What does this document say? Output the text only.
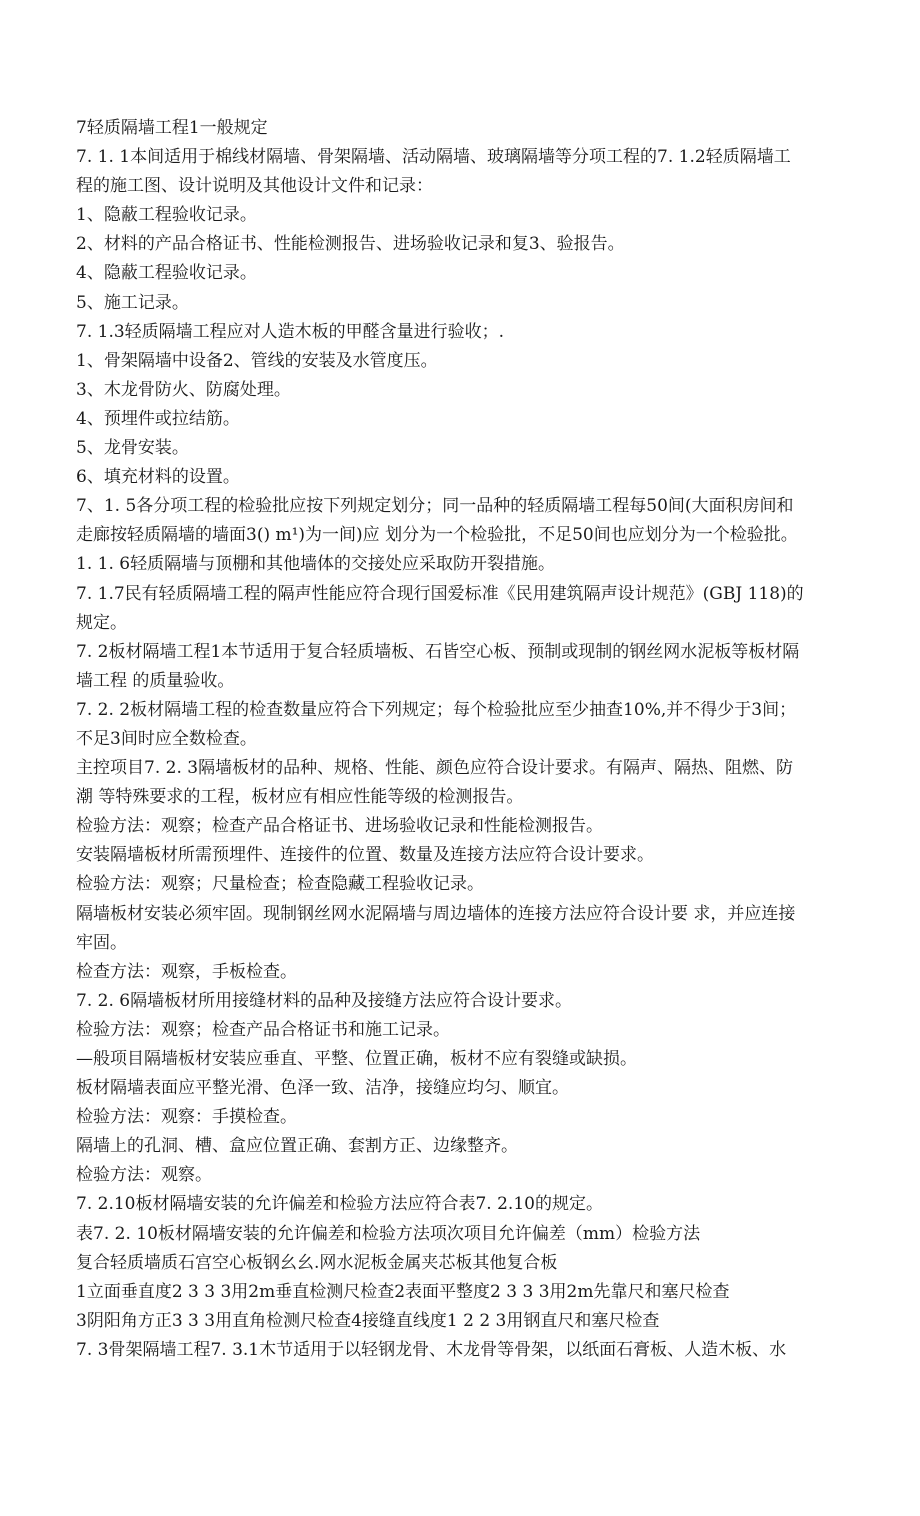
7轻质隔墙工程1一般规定
7. 1. 1本间适用于棉线材隔墙、骨架隔墙、活动隔墙、玻璃隔墙等分项工程的7. 1.2轻质隔墙工
程的施工图、设计说明及其他设计文件和记录：
1、隐蔽工程验收记录。
2、材料的产品合格证书、性能检测报告、进场验收记录和复3、验报告。
4、隐蔽工程验收记录。
5、施工记录。
7. 1.3轻质隔墙工程应对人造木板的甲醛含量进行验收；.
1、骨架隔墙中设备2、管线的安装及水管度压。
3、木龙骨防火、防腐处理。
4、预埋件或拉结筋。
5、龙骨安装。
6、填充材料的设置。
7、1. 5各分项工程的检验批应按下列规定划分；同一品种的轻质隔墙工程每50间(大面积房间和
走廊按轻质隔墙的墙面3() m¹)为一间)应 划分为一个检验批，不足50间也应划分为一个检验批。
1. 1. 6轻质隔墙与顶棚和其他墙体的交接处应采取防开裂措施。
7. 1.7民有轻质隔墙工程的隔声性能应符合现行国爱标准《民用建筑隔声设计规范》(GBJ 118)的
规定。
7. 2板材隔墙工程1本节适用于复合轻质墙板、石皆空心板、预制或现制的钢丝网水泥板等板材隔
墙工程 的质量验收。
7. 2. 2板材隔墙工程的检查数量应符合下列规定；每个检验批应至少抽查10%,并不得少于3间；
不足3间时应全数检查。
主控项目7. 2. 3隔墙板材的品种、规格、性能、颜色应符合设计要求。有隔声、隔热、阻燃、防
潮 等特殊要求的工程，板材应有相应性能等级的检测报告。
检验方法：观察；检查产品合格证书、进场验收记录和性能检测报告。
安装隔墙板材所需预埋件、连接件的位置、数量及连接方法应符合设计要求。
检验方法：观察；尺量检查；检查隐藏工程验收记录。
隔墙板材安装必须牢固。现制钢丝网水泥隔墙与周边墙体的连接方法应符合设计要 求，并应连接
牢固。
检查方法：观察，手板检查。
7. 2. 6隔墙板材所用接缝材料的品种及接缝方法应符合设计要求。
检验方法：观察；检查产品合格证书和施工记录。
—般项目隔墙板材安装应垂直、平整、位置正确，板材不应有裂缝或缺损。
板材隔墙表面应平整光滑、色泽一致、洁净，接缝应均匀、顺宜。
检验方法：观察：手摸检查。
隔墙上的孔洞、槽、盒应位置正确、套割方正、边缘整齐。
检验方法：观察。
7. 2.10板材隔墙安装的允许偏差和检验方法应符合表7. 2.10的规定。
表7. 2. 10板材隔墙安装的允许偏差和检验方法项次项目允许偏差（mm）检验方法
复合轻质墙质石宫空心板钢幺幺.网水泥板金属夹芯板其他复合板
1立面垂直度2 3 3 3用2m垂直检测尺检查2表面平整度2 3 3 3用2m先靠尺和塞尺检查
3阴阳角方正3 3 3用直角检测尺检查4接缝直线度1 2 2 3用钢直尺和塞尺检查
7. 3骨架隔墙工程7. 3.1木节适用于以轻钢龙骨、木龙骨等骨架，以纸面石膏板、人造木板、水
